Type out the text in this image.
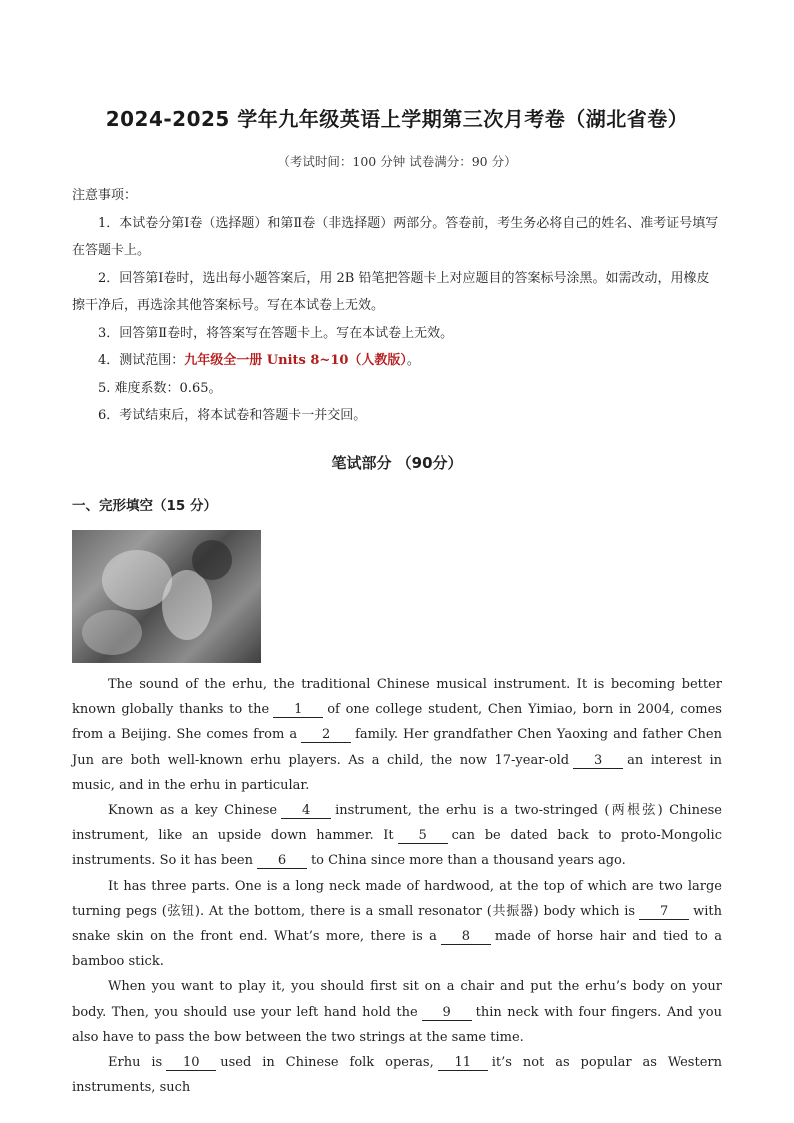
2024-2025 学年九年级英语上学期第三次月考卷（湖北省卷）
（考试时间：100 分钟 试卷满分：90 分）

注意事项：

1．本试卷分第Ⅰ卷（选择题）和第Ⅱ卷（非选择题）两部分。答卷前，考生务必将自己的姓名、准考证号填写在答题卡上。

2．回答第Ⅰ卷时，选出每小题答案后，用 2B 铅笔把答题卡上对应题目的答案标号涂黑。如需改动，用橡皮擦干净后，再选涂其他答案标号。写在本试卷上无效。

3．回答第Ⅱ卷时，将答案写在答题卡上。写在本试卷上无效。

4．测试范围：九年级全一册 Units 8~10（人教版）。

5. 难度系数：0.65。

6．考试结束后，将本试卷和答题卡一并交回。

笔试部分 （90分）
一、完形填空（15 分）

The sound of the erhu, the traditional Chinese musical instrument. It is becoming better known globally thanks to the 1 of one college student, Chen Yimiao, born in 2004, comes from a Beijing. She comes from a 2 family. Her grandfather Chen Yaoxing and father Chen Jun are both well-known erhu players. As a child, the now 17-year-old 3 an interest in music, and in the erhu in particular.

Known as a key Chinese 4 instrument, the erhu is a two-stringed (两根弦) Chinese instrument, like an upside down hammer. It 5 can be dated back to proto-Mongolic instruments. So it has been 6 to China since more than a thousand years ago.

It has three parts. One is a long neck made of hardwood, at the top of which are two large turning pegs (弦钮). At the bottom, there is a small resonator (共振器) body which is 7 with snake skin on the front end. What’s more, there is a 8 made of horse hair and tied to a bamboo stick.

When you want to play it, you should first sit on a chair and put the erhu’s body on your body. Then, you should use your left hand hold the 9 thin neck with four fingers. And you also have to pass the bow between the two strings at the same time.

Erhu is 10 used in Chinese folk operas, 11 it’s not as popular as Western instruments, such
